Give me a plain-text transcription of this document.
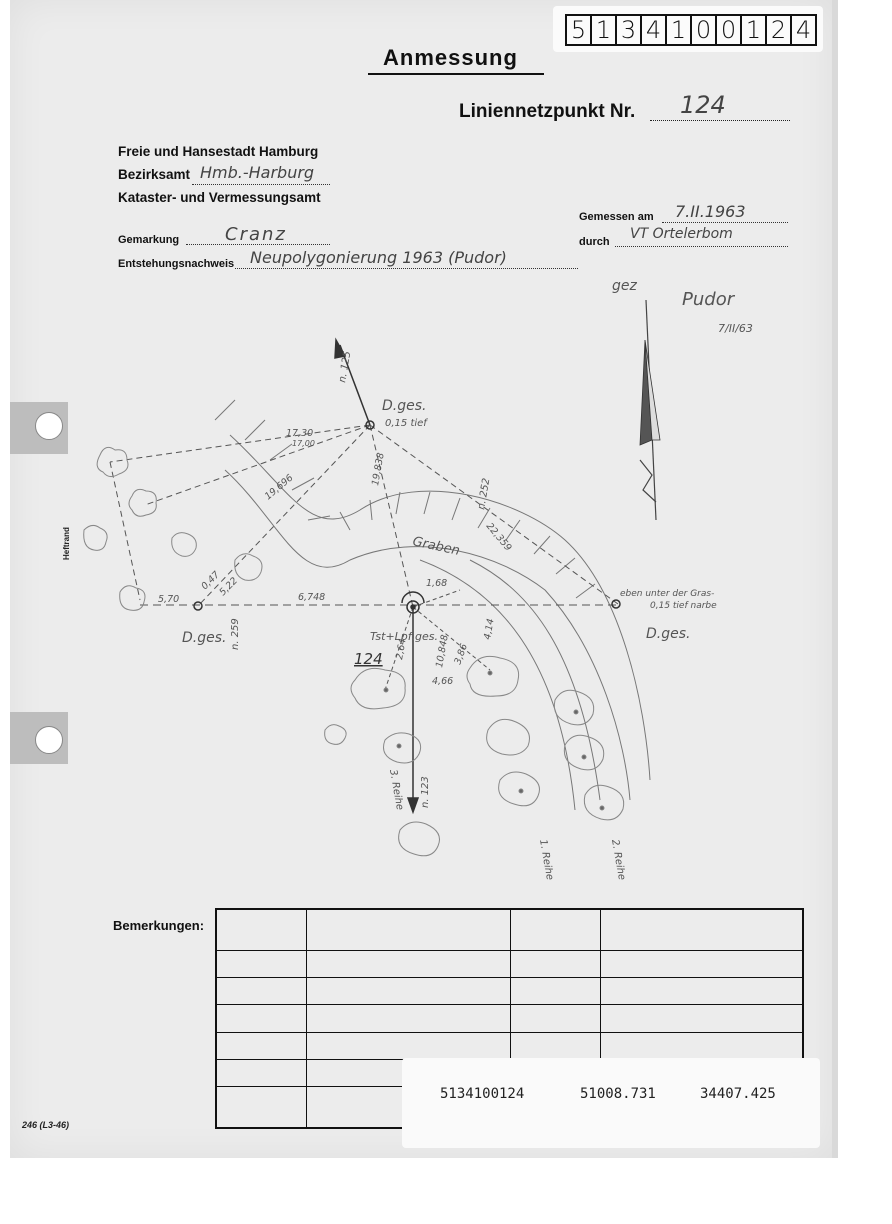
5 1 3 4 1 0 0 1 2 4
Anmessung
Liniennetzpunkt Nr. 124
Freie und Hansestadt Hamburg
Bezirksamt Hmb.-Harburg
Kataster- und Vermessungsamt
Gemarkung	Cranz
Entstehungsnachweis Neupolygonierung 1963 (Pudor)
Gemessen am 7.II.1963
durch VT Ortelerbom
Heftrand
Pudor
gez
7/II/63
D.ges.
0,15 tief
D.ges.	D.ges.
eben unter der Gras-
0,15 tief narbe
Graben
Tst+Lpf.ges.
124
n. 125
n. 123
n. 259
n. 252
1. Reihe	2. Reihe
3. Reihe
17,30
17,00
19,696
19,838
22,359
5,70
0,47
5,22	6,748
1,68
10,848 3,86
4,14
4,66
2,64
Bemerkungen:

5134100124	51008.731	34407.425
246 (L3-46)
